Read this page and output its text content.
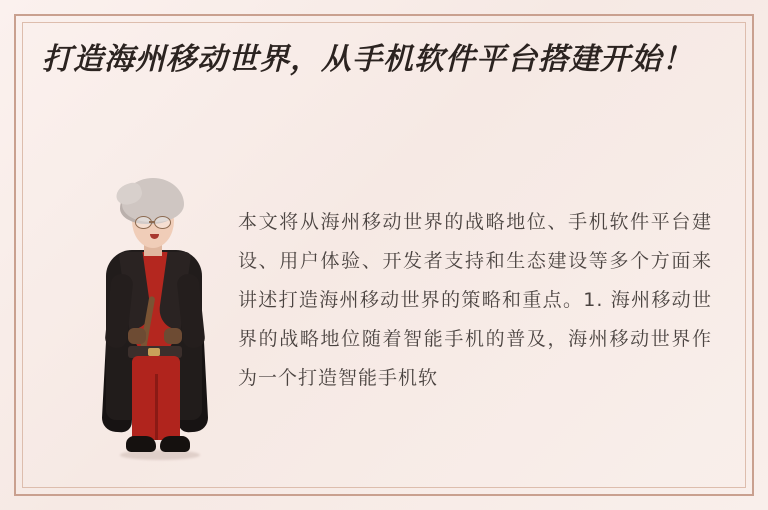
打造海州移动世界，从手机软件平台搭建开始！

本文将从海州移动世界的战略地位、手机软件平台建设、用户体验、开发者支持和生态建设等多个方面来讲述打造海州移动世界的策略和重点。1. 海州移动世界的战略地位随着智能手机的普及，海州移动世界作为一个打造智能手机软
